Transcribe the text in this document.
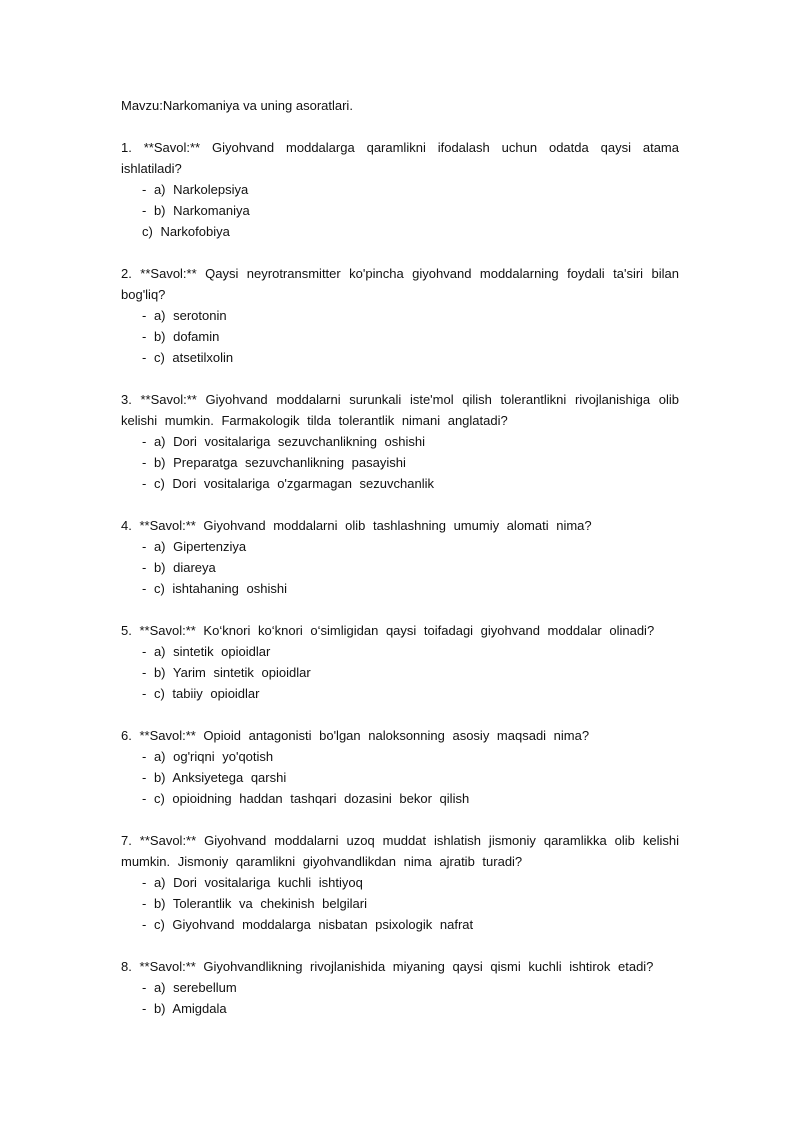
Mavzu:Narkomaniya va uning asoratlari.

1. **Savol:** Giyohvand moddalarga qaramlikni ifodalash uchun odatda qaysi atama ishlatiladi?

- a) Narkolepsiya
- b) Narkomaniya
c) Narkofobiya

2. **Savol:** Qaysi neyrotransmitter ko'pincha giyohvand moddalarning foydali ta'siri bilan bog'liq?

- a) serotonin
- b) dofamin
- c) atsetilxolin

3. **Savol:** Giyohvand moddalarni surunkali iste'mol qilish tolerantlikni rivojlanishiga olib kelishi mumkin. Farmakologik tilda tolerantlik nimani anglatadi?

- a) Dori vositalariga sezuvchanlikning oshishi
- b) Preparatga sezuvchanlikning pasayishi
- c) Dori vositalariga o'zgarmagan sezuvchanlik

4. **Savol:** Giyohvand moddalarni olib tashlashning umumiy alomati nima?

- a) Gipertenziya
- b) diareya
- c) ishtahaning oshishi

5. **Savol:** Ko‘knori ko‘knori o‘simligidan qaysi toifadagi giyohvand moddalar olinadi?

- a) sintetik opioidlar
- b) Yarim sintetik opioidlar
- c) tabiiy opioidlar

6. **Savol:** Opioid antagonisti bo'lgan naloksonning asosiy maqsadi nima?

- a) og'riqni yo'qotish
- b) Anksiyetega qarshi
- c) opioidning haddan tashqari dozasini bekor qilish

7. **Savol:** Giyohvand moddalarni uzoq muddat ishlatish jismoniy qaramlikka olib kelishi mumkin. Jismoniy qaramlikni giyohvandlikdan nima ajratib turadi?

- a) Dori vositalariga kuchli ishtiyoq
- b) Tolerantlik va chekinish belgilari
- c) Giyohvand moddalarga nisbatan psixologik nafrat

8. **Savol:** Giyohvandlikning rivojlanishida miyaning qaysi qismi kuchli ishtirok etadi?

- a) serebellum
- b) Amigdala
